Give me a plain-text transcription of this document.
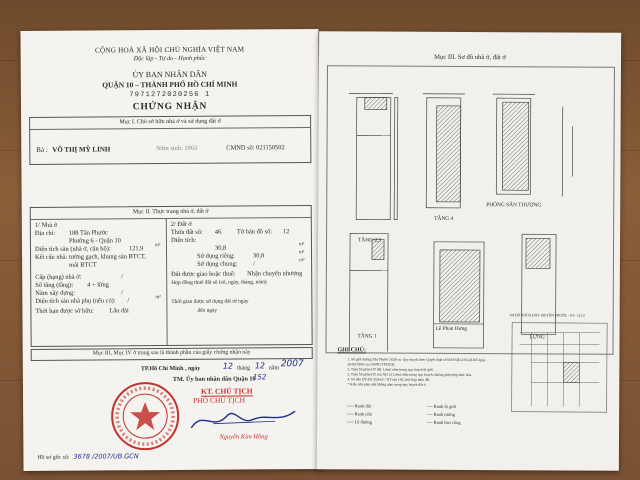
CỘNG HOÀ XÃ HỘI CHỦ NGHĨA VIỆT NAM
Độc lập - Tự do - Hạnh phúc
ỦY BAN NHÂN DÂN
QUẬN 10 – THÀNH PHỐ HỒ CHÍ MINH
7971272020256 1
CHỨNG NHẬN
Mục I. Chủ sở hữu nhà ở và sử dụng đất ở
Bà : VÕ THỊ MỸ LINH	Năm sinh: 1963	CMND số: 021150502
Mục II. Thực trạng nhà ở, đất ở
1/ Nhà ở
Địa chỉ: 188 Tân Phước
Phường 6 - Quận 10
Diện tích sàn (nhà ở, căn hộ):	121,9 m²
Kết cấu nhà: tường gạch, khung sàn BTCT,
mái BTCT
Cấp (hạng) nhà ở:	/
Số tầng (tầng): 4 + lửng
Năm xây dựng:	/
Diện tích sàn nhà phụ (nếu có): /	m²
Thời hạn được sở hữu: Lâu dài
2/ Đất ở
Thửa đất số: 46 Tờ bản đồ số: 12
Diện tích:
30,8
m²
Sử dụng riêng:	30,8	m²
Sử dụng chung: /	m²
Đất được giao hoặc thuê: Nhận chuyển nhượng
Hợp đồng thuê đất số (số, ngày, tháng, năm)
Thời gian được sử dụng đất từ ngày
đến ngày
Mục III, Mục IV ở trang sau là thành phần của giấy chứng nhận này
TP.Hồ Chí Minh , ngày	12 tháng 12 năm 2007
TM. Ủy ban nhân dân Quận 10
152
KT. CHỦ TỊCH
PHÓ CHỦ TỊCH
Nguyễn Kim Hồng
Hồ sơ gốc số: 3678 /2007/UB.GCN
Mục III. Sơ đồ nhà ở, đất ở
TẦNG 2,3
TẦNG 4
PHÒNG SÂN THƯỢNG
TẦNG 1	LỬNG
Lề Phan Hưng
GHI CHÚ:
1. Số giới đường Tân Phước 16,00 m. Quy hoạch theo Quyết định số 6018/QĐ-UB-QLĐT ngày 26/09/1998 của UBND TP.HCM.
2. Toàn bộ phần DT đất 1,4m2 nằm trong quy hoạch lộ giới.
3. Toàn bộ phần DT sàn XD 121,9m2 nằm trong quy hoạch, không phép hợp thức hóa.
4. Số liệu DT đất 30,8m2 / DT sàn 136,2m2 hợp thửa đất.
* Kiểu nhà phía nhà không nằm trong quy hoạch đất ở.
── Ranh đất
── Ranh nhà
── Lề đường
┄┄ Ranh lộ giới
┄┄ Ranh tường
┄┄ Ranh ban công
SƠ ĐỒ THỬA ĐẤT 188 TÂN PHƯỚC - P.6 - Q.10
